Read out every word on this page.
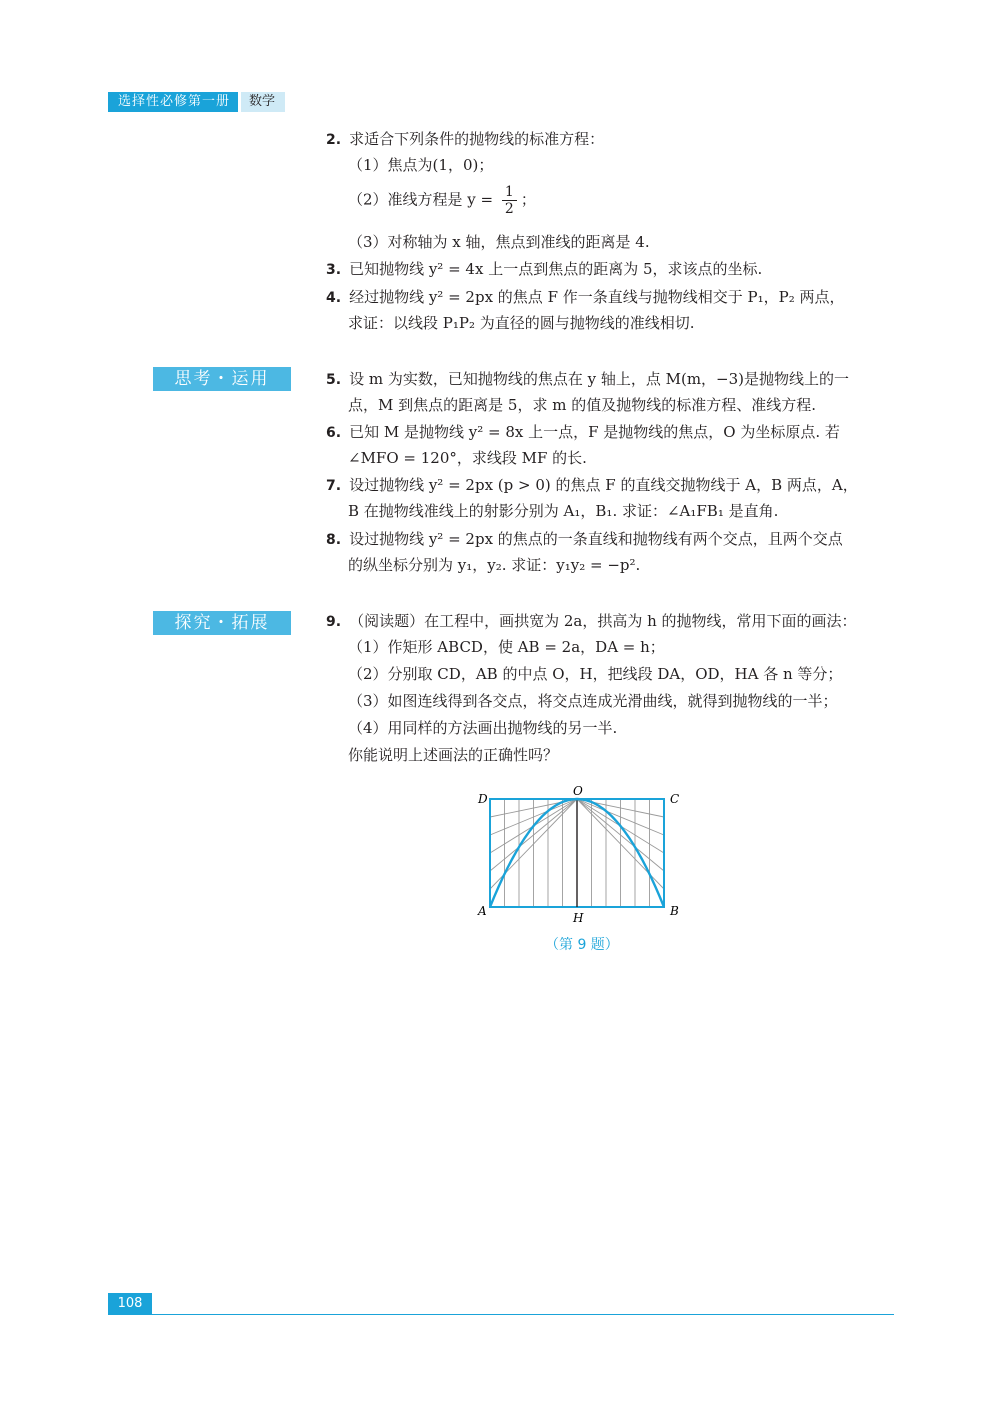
选择性必修第一册	数学
2. 求适合下列条件的抛物线的标准方程：
（1）焦点为(1，0)；
（2）准线方程是 $y = \frac{1}{2}$ ；
（3）对称轴为 x 轴，焦点到准线的距离是 4.
3. 已知抛物线 y² = 4x 上一点到焦点的距离为 5，求该点的坐标.
4. 经过抛物线 y² = 2px 的焦点 F 作一条直线与抛物线相交于 P₁，P₂ 两点，
求证：以线段 P₁P₂ 为直径的圆与抛物线的准线相切.
思考・运用	5. 设 m 为实数，已知抛物线的焦点在 y 轴上，点 M(m，−3)是抛物线上的一
点，M 到焦点的距离是 5，求 m 的值及抛物线的标准方程、准线方程.
6. 已知 M 是抛物线 y² = 8x 上一点，F 是抛物线的焦点，O 为坐标原点. 若
∠MFO = 120°，求线段 MF 的长.
7. 设过抛物线 y² = 2px (p > 0) 的焦点 F 的直线交抛物线于 A，B 两点，A，
B 在抛物线准线上的射影分别为 A₁，B₁. 求证：∠A₁FB₁ 是直角.
8. 设过抛物线 y² = 2px 的焦点的一条直线和抛物线有两个交点，且两个交点
的纵坐标分别为 y₁，y₂. 求证：y₁y₂ = −p².
探究・拓展	9. （阅读题）在工程中，画拱宽为 2a，拱高为 h 的抛物线，常用下面的画法：
（1）作矩形 ABCD，使 AB = 2a，DA = h；
（2）分别取 CD，AB 的中点 O，H，把线段 DA，OD，HA 各 n 等分；
（3）如图连线得到各交点，将交点连成光滑曲线，就得到抛物线的一半；
（4）用同样的方法画出抛物线的另一半.
你能说明上述画法的正确性吗？
D
O
C
A	H	B
（第 9 题）
108
